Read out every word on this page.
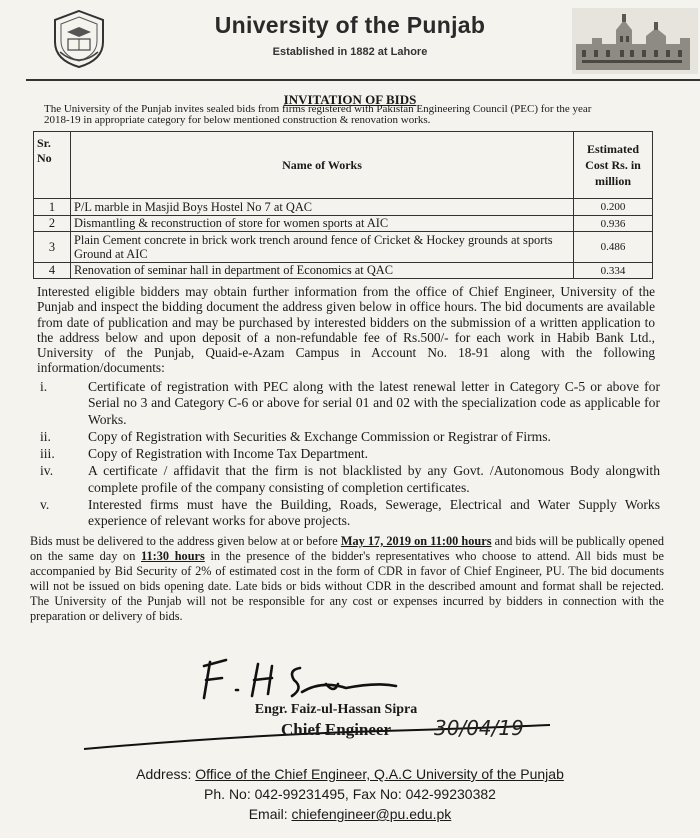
University of the Punjab
Established in 1882 at Lahore
INVITATION OF BIDS
The University of the Punjab invites sealed bids from firms registered with Pakistan Engineering Council (PEC) for the year 2018-19 in appropriate category for below mentioned construction & renovation works.
Sr. No	Name of Works	Estimated Cost Rs. in million
1	P/L marble in Masjid Boys Hostel No 7 at QAC	0.200
2	Dismantling & reconstruction of store for women sports at AIC	0.936
3	Plain Cement concrete in brick work trench around fence of Cricket & Hockey grounds at sports Ground at AIC	0.486
4	Renovation of seminar hall in department of Economics at QAC	0.334
Interested eligible bidders may obtain further information from the office of Chief Engineer, University of the Punjab and inspect the bidding document the address given below in office hours. The bid documents are available from date of publication and may be purchased by interested bidders on the submission of a written application to the address below and upon deposit of a non-refundable fee of Rs.500/- for each work in Habib Bank Ltd., University of the Punjab, Quaid-e-Azam Campus in Account No. 18-91 along with the following information/documents:
i.	Certificate of registration with PEC along with the latest renewal letter in Category C-5 or above for Serial no 3 and Category C-6 or above for serial 01 and 02 with the specialization code as applicable for Works.
ii.	Copy of Registration with Securities & Exchange Commission or Registrar of Firms.
iii.	Copy of Registration with Income Tax Department.
iv.	A certificate / affidavit that the firm is not blacklisted by any Govt. /Autonomous Body alongwith complete profile of the company consisting of completion certificates.
v.	Interested firms must have the Building, Roads, Sewerage, Electrical and Water Supply Works experience of relevant works for above projects.
Bids must be delivered to the address given below at or before May 17, 2019 on 11:00 hours and bids will be publically opened on the same day on 11:30 hours in the presence of the bidder's representatives who choose to attend. All bids must be accompanied by Bid Security of 2% of estimated cost in the form of CDR in favor of Chief Engineer, PU. The bid documents will not be issued on bids opening date. Late bids or bids without CDR in the described amount and format shall be rejected. The University of the Punjab will not be responsible for any cost or expenses incurred by bidders in connection with the preparation or delivery of bids.
Engr. Faiz-ul-Hassan Sipra
Chief Engineer	30/04/19
Address: Office of the Chief Engineer, Q.A.C University of the Punjab
Ph. No: 042-99231495, Fax No: 042-99230382
Email: chiefengineer@pu.edu.pk
